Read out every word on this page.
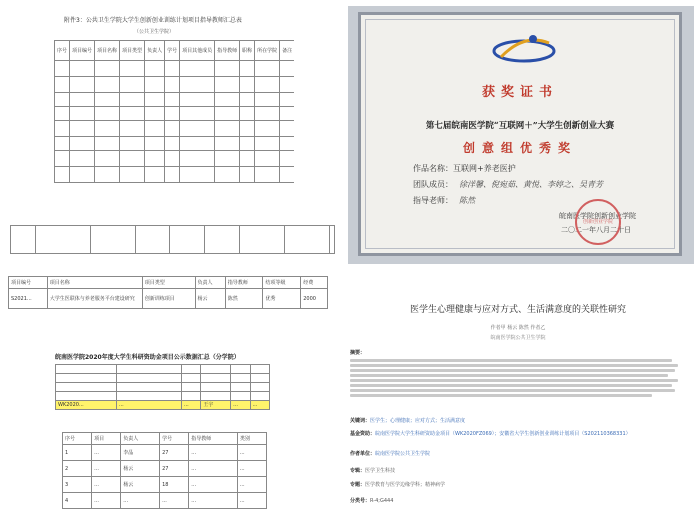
附件3：公共卫生学院大学生创新创业训练计划项目指导教师汇总表
（公共卫生学院）
序号	项目编号	项目名称	项目类型	负责人	学号	项目其他成员	指导教师	职称	所在学院	备注

项目编号	项目名称	项目类型	负责人	指导教师	结项等级	经费
S2021...	大学生医联体与养老服务平台建设研究	创新训练项目	杨云	陈然	优秀	2000
皖南医学院2020年度大学生科研资助金项目公示数据汇总（分学院）

WK2020...	...	...	王宇	...	...
序号	项目	负责人	学号	指导教师	类别
1	...	李晶	27	...	...
2	...	杨云	27	...	...
3	...	杨云	18	...	...
4	...	...	...	...	...
获奖证书
第七届皖南医学院“互联网＋”大学生创新创业大赛
创意组优秀奖
作品名称：互联网+养老医护
团队成员： 徐洋馨、倪宛茹、黄悦、李婷之、吴青芳
指导老师： 陈然
皖南医学院创新创业学院
二〇二一年八月二十日
创新创业学院
医学生心理健康与应对方式、生活满意度的关联性研究
作者甲 杨云 陈然 作者乙
皖南医学院公共卫生学院
摘要：
关键词：医学生；心理健康；应对方式；生活满意度
基金资助：皖南医学院大学生科研资助金项目（WK2020FZ069）；安徽省大学生创新创业训练计划项目（S202110368331）
作者单位：皖南医学院公共卫生学院
专辑：医学卫生科技
专题：医学教育与医学边缘学科；精神病学
分类号：R-4;G444
